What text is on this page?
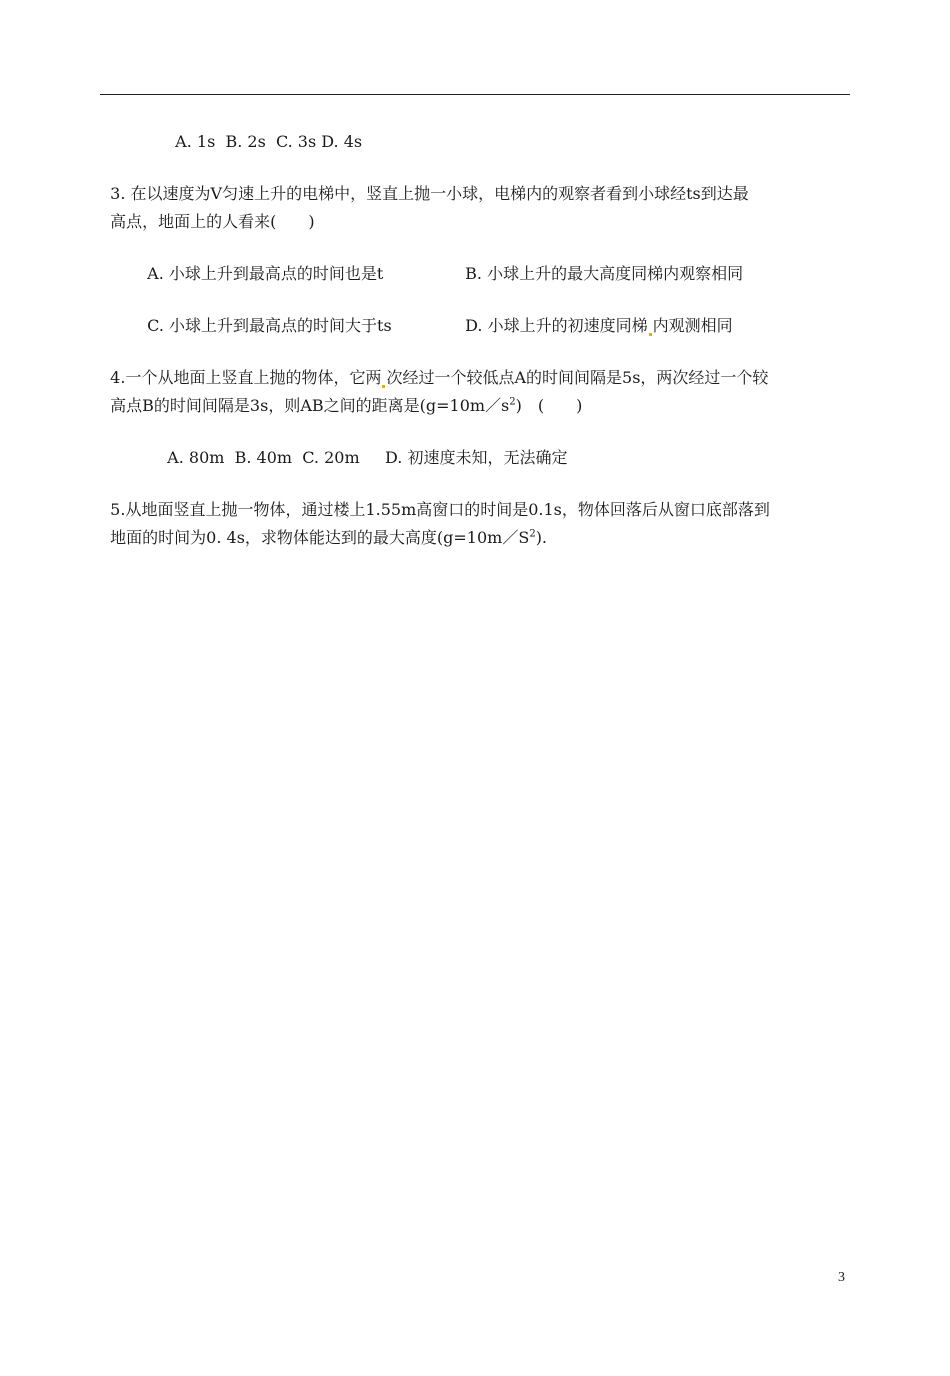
A. 1s  B. 2s  C. 3s D. 4s

3. 在以速度为V匀速上升的电梯中，竖直上抛一小球，电梯内的观察者看到小球经ts到达最

高点，地面上的人看来(　　)

A. 小球上升到最高点的时间也是t	B. 小球上升的最大高度同梯内观察相同

C. 小球上升到最高点的时间大于ts	D. 小球上升的初速度同梯 内观测相同

4.一个从地面上竖直上抛的物体，它两 次经过一个较低点A的时间间隔是5s，两次经过一个较

高点B的时间间隔是3s，则AB之间的距离是$(g=10m/s^2)$　(　　)

A. 80m  B. 40m  C. 20m     D. 初速度未知，无法确定

5.从地面竖直上抛一物体，通过楼上1.55m高窗口的时间是0.1s，物体回落后从窗口底部落到

地面的时间为0. 4s，求物体能达到的最大高度$(g=10m/S^2)$.

3
